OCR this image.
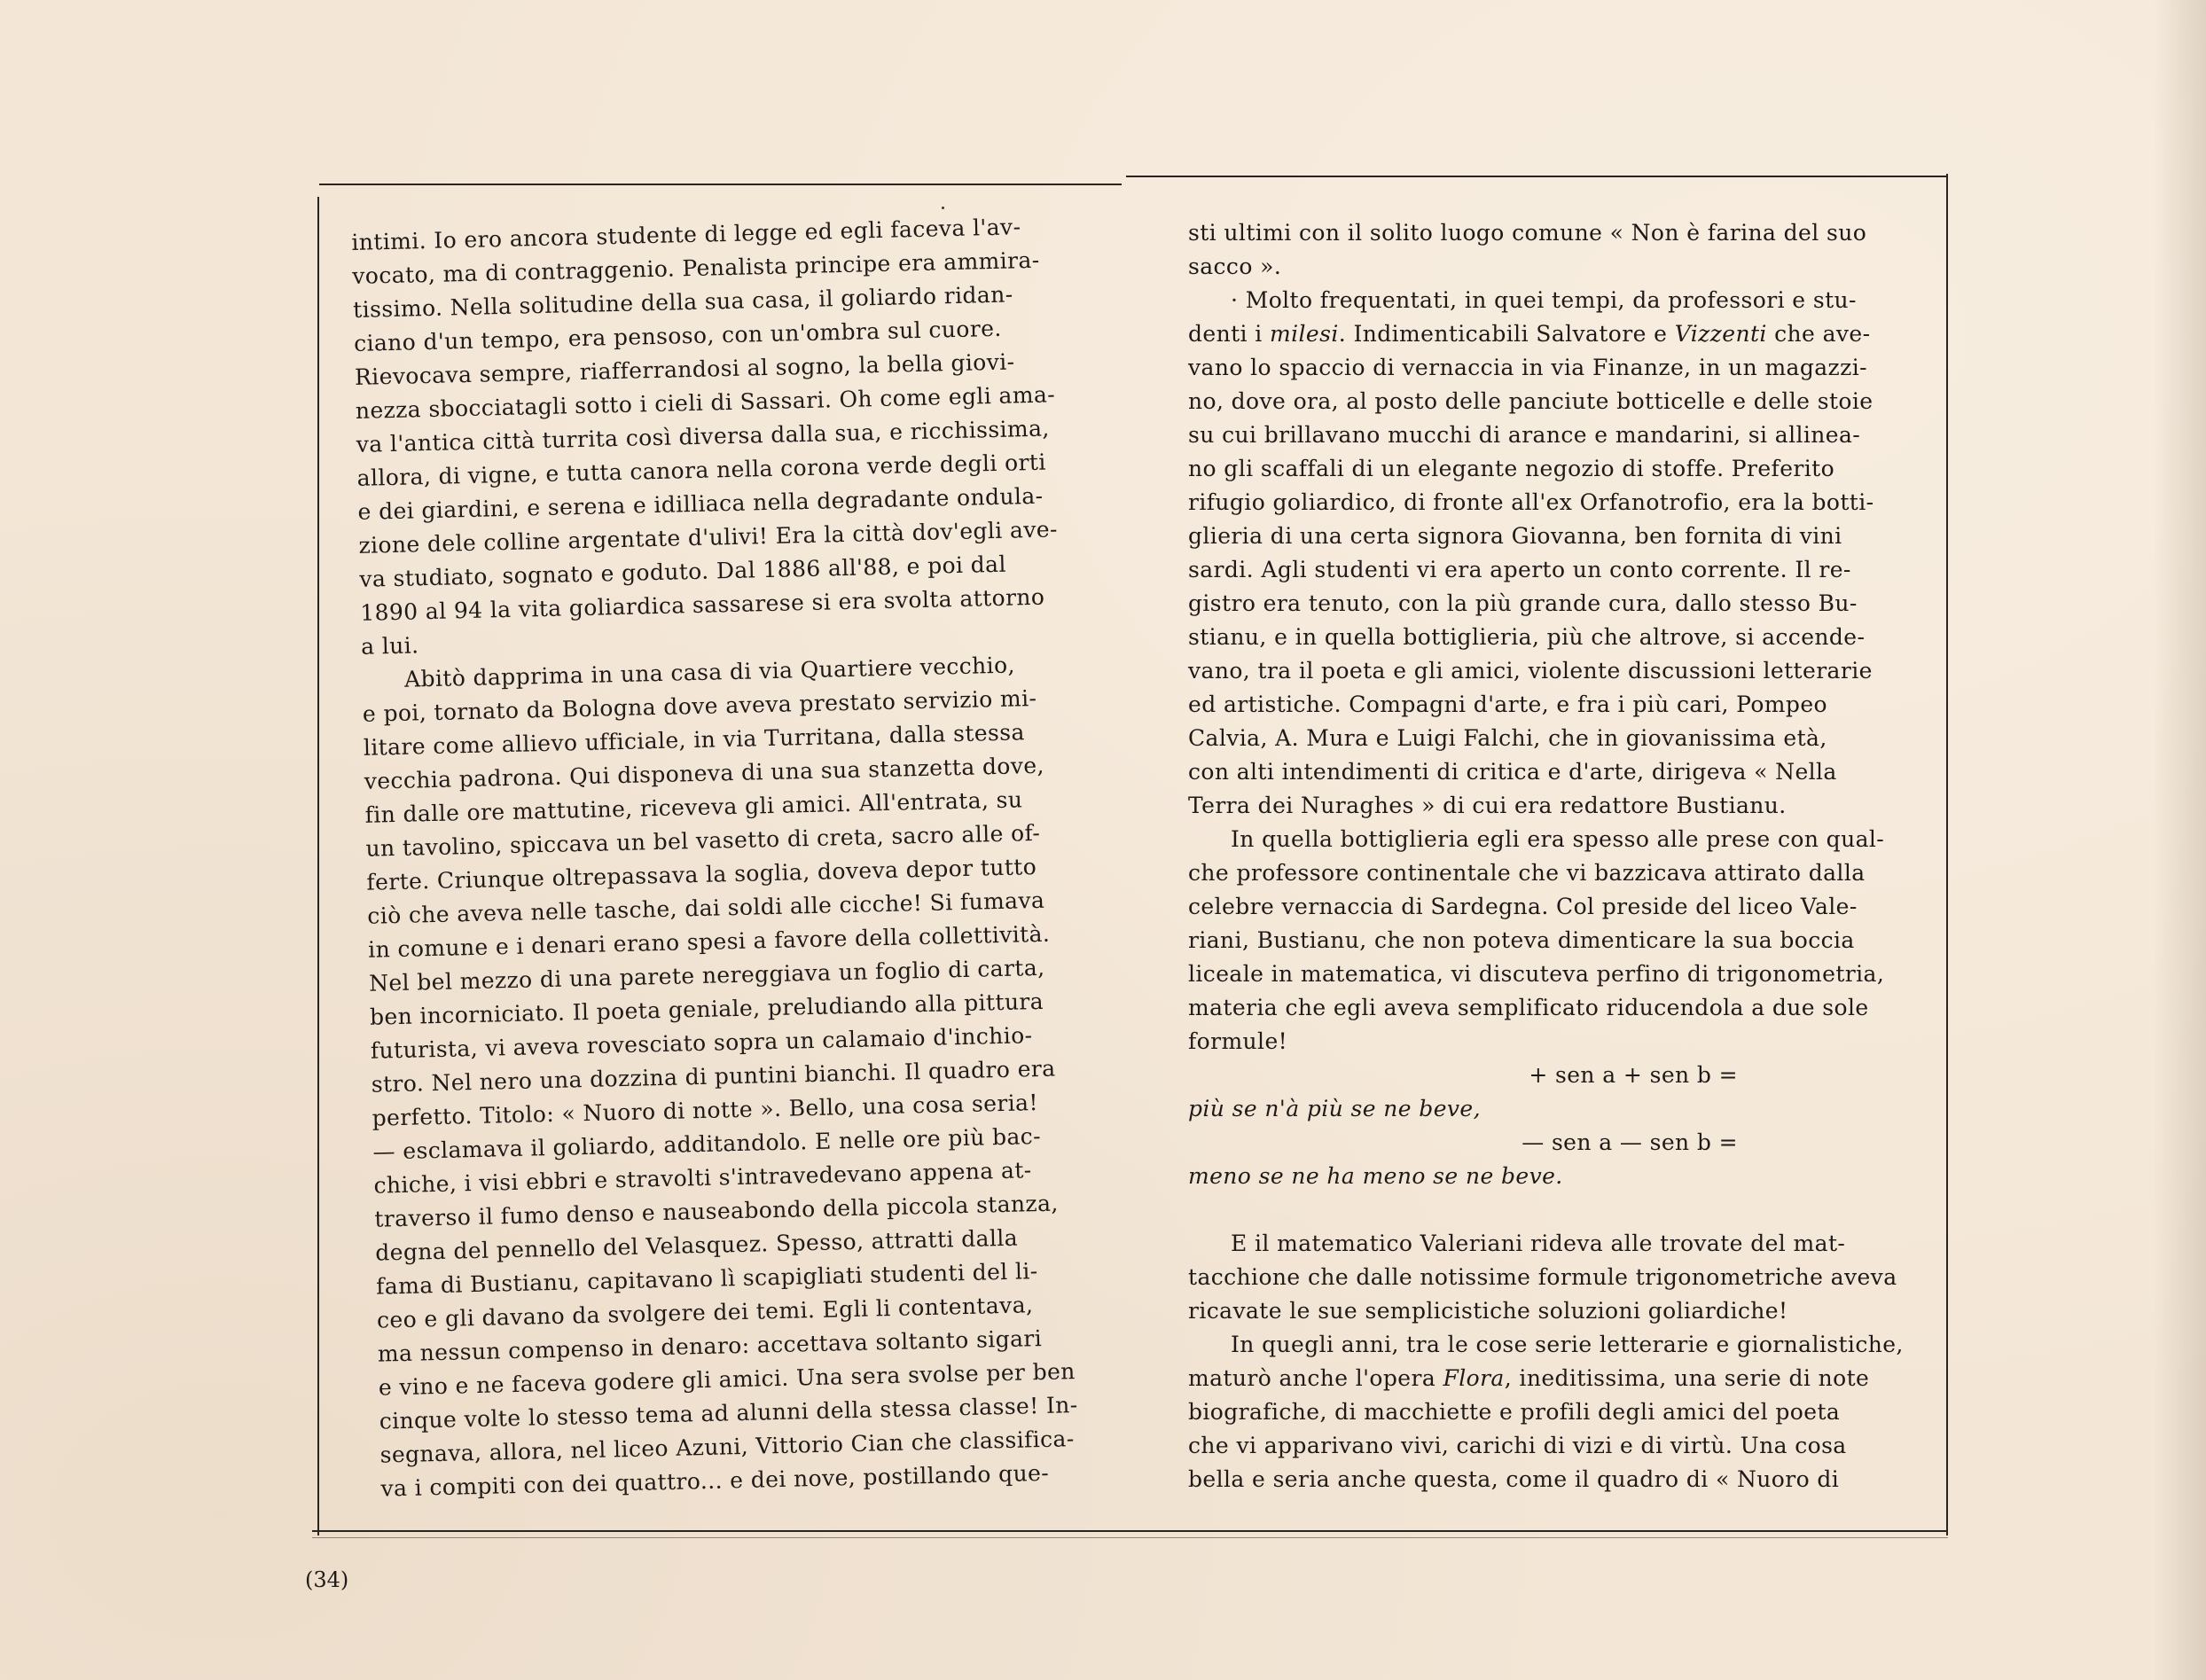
intimi. Io ero ancora studente di legge ed egli faceva l'av-
vocato, ma di contraggenio. Penalista principe era ammira-
tissimo. Nella solitudine della sua casa, il goliardo ridan-
ciano d'un tempo, era pensoso, con un'ombra sul cuore.
Rievocava sempre, riafferrandosi al sogno, la bella giovi-
nezza sbocciatagli sotto i cieli di Sassari. Oh come egli ama-
va l'antica città turrita così diversa dalla sua, e ricchissima,
allora, di vigne, e tutta canora nella corona verde degli orti
e dei giardini, e serena e idilliaca nella degradante ondula-
zione dele colline argentate d'ulivi! Era la città dov'egli ave-
va studiato, sognato e goduto. Dal 1886 all'88, e poi dal
1890 al 94 la vita goliardica sassarese si era svolta attorno
a lui.
Abitò dapprima in una casa di via Quartiere vecchio,
e poi, tornato da Bologna dove aveva prestato servizio mi-
litare come allievo ufficiale, in via Turritana, dalla stessa
vecchia padrona. Qui disponeva di una sua stanzetta dove,
fin dalle ore mattutine, riceveva gli amici. All'entrata, su
un tavolino, spiccava un bel vasetto di creta, sacro alle of-
ferte. Criunque oltrepassava la soglia, doveva depor tutto
ciò che aveva nelle tasche, dai soldi alle cicche! Si fumava
in comune e i denari erano spesi a favore della collettività.
Nel bel mezzo di una parete nereggiava un foglio di carta,
ben incorniciato. Il poeta geniale, preludiando alla pittura
futurista, vi aveva rovesciato sopra un calamaio d'inchio-
stro. Nel nero una dozzina di puntini bianchi. Il quadro era
perfetto. Titolo: « Nuoro di notte ». Bello, una cosa seria!
— esclamava il goliardo, additandolo. E nelle ore più bac-
chiche, i visi ebbri e stravolti s'intravedevano appena at-
traverso il fumo denso e nauseabondo della piccola stanza,
degna del pennello del Velasquez. Spesso, attratti dalla
fama di Bustianu, capitavano lì scapigliati studenti del li-
ceo e gli davano da svolgere dei temi. Egli li contentava,
ma nessun compenso in denaro: accettava soltanto sigari
e vino e ne faceva godere gli amici. Una sera svolse per ben
cinque volte lo stesso tema ad alunni della stessa classe! In-
segnava, allora, nel liceo Azuni, Vittorio Cian che classifica-
va i compiti con dei quattro... e dei nove, postillando que-
sti ultimi con il solito luogo comune « Non è farina del suo
sacco ».
· Molto frequentati, in quei tempi, da professori e stu-
denti i milesi. Indimenticabili Salvatore e Vizzenti che ave-
vano lo spaccio di vernaccia in via Finanze, in un magazzi-
no, dove ora, al posto delle panciute botticelle e delle stoie
su cui brillavano mucchi di arance e mandarini, si allinea-
no gli scaffali di un elegante negozio di stoffe. Preferito
rifugio goliardico, di fronte all'ex Orfanotrofio, era la botti-
glieria di una certa signora Giovanna, ben fornita di vini
sardi. Agli studenti vi era aperto un conto corrente. Il re-
gistro era tenuto, con la più grande cura, dallo stesso Bu-
stianu, e in quella bottiglieria, più che altrove, si accende-
vano, tra il poeta e gli amici, violente discussioni letterarie
ed artistiche. Compagni d'arte, e fra i più cari, Pompeo
Calvia, A. Mura e Luigi Falchi, che in giovanissima età,
con alti intendimenti di critica e d'arte, dirigeva « Nella
Terra dei Nuraghes » di cui era redattore Bustianu.
In quella bottiglieria egli era spesso alle prese con qual-
che professore continentale che vi bazzicava attirato dalla
celebre vernaccia di Sardegna. Col preside del liceo Vale-
riani, Bustianu, che non poteva dimenticare la sua boccia
liceale in matematica, vi discuteva perfino di trigonometria,
materia che egli aveva semplificato riducendola a due sole
formule!
+ sen a + sen b =
più se n'à più se ne beve,
— sen a — sen b =
meno se ne ha meno se ne beve.
E il matematico Valeriani rideva alle trovate del mat-
tacchione che dalle notissime formule trigonometriche aveva
ricavate le sue semplicistiche soluzioni goliardiche!
In quegli anni, tra le cose serie letterarie e giornalistiche,
maturò anche l'opera Flora, ineditissima, una serie di note
biografiche, di macchiette e profili degli amici del poeta
che vi apparivano vivi, carichi di vizi e di virtù. Una cosa
bella e seria anche questa, come il quadro di « Nuoro di
(34)
